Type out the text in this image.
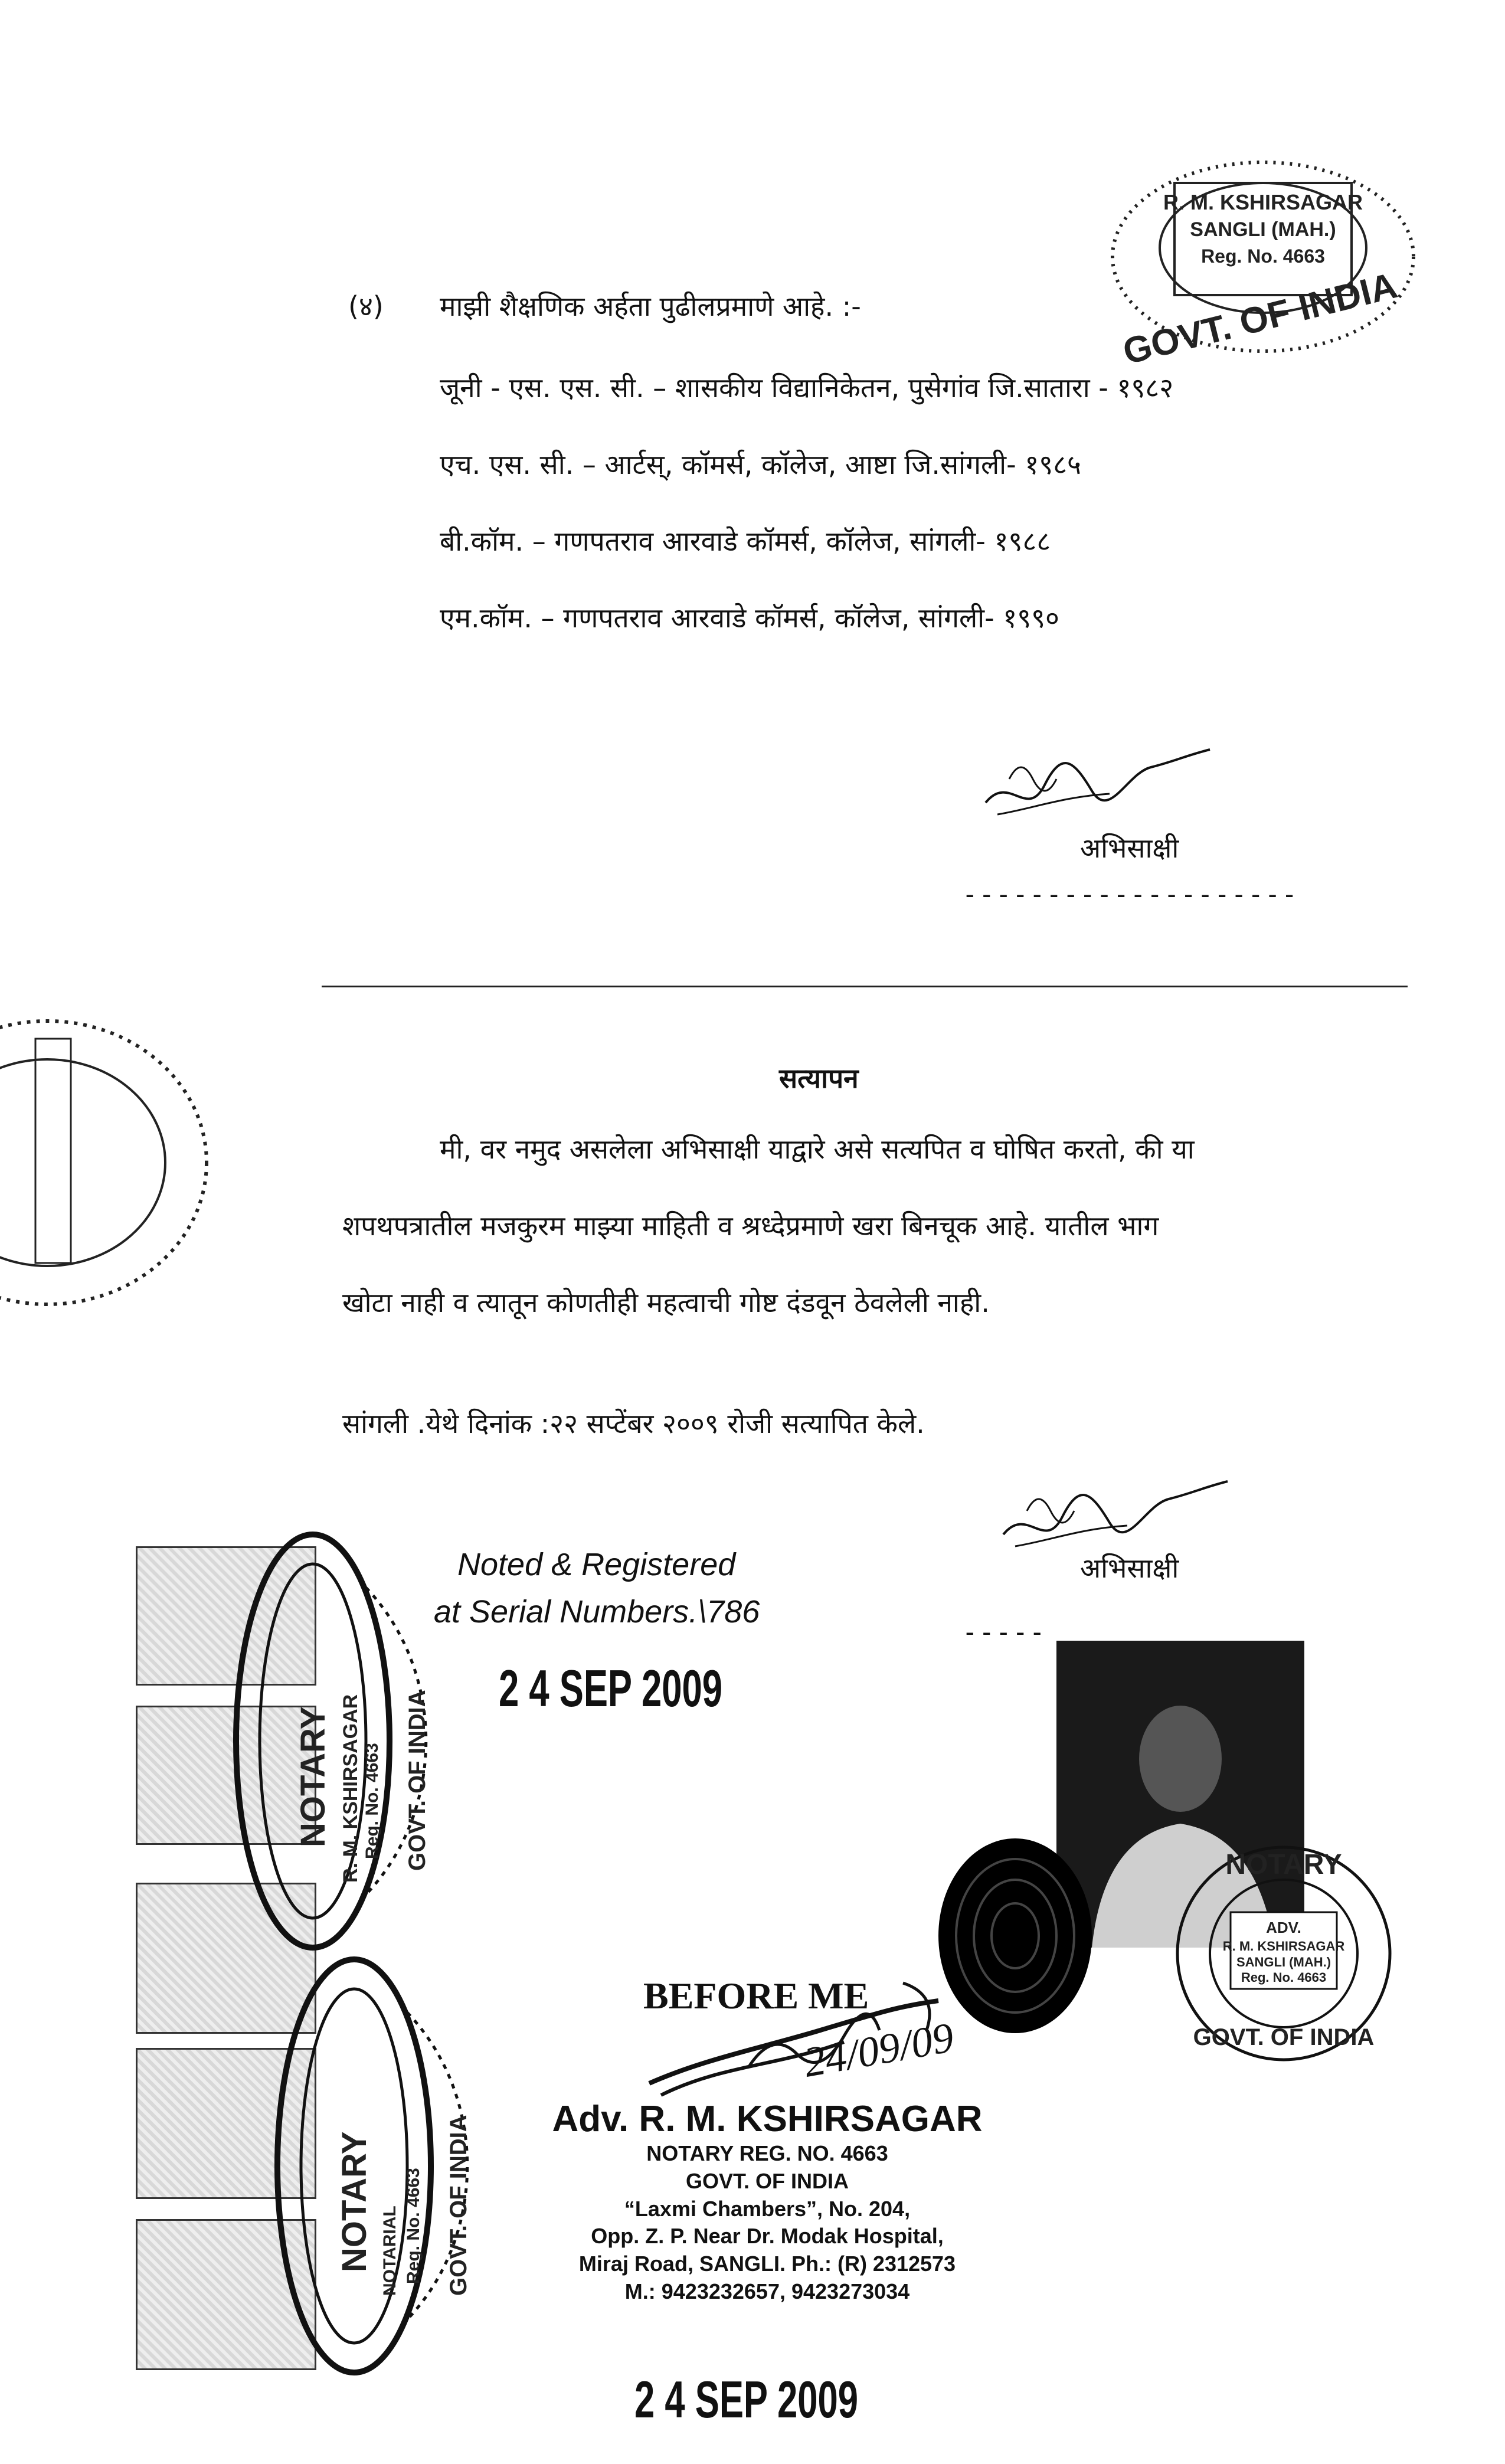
R. M. KSHIRSAGAR
SANGLI (MAH.)
Reg. No. 4663
GOVT. OF INDIA
(४) माझी शैक्षणिक अर्हता पुढीलप्रमाणे आहे. :-
जूनी - एस. एस. सी. – शासकीय विद्यानिकेतन, पुसेगांव जि.सातारा - १९८२
एच. एस. सी. – आर्टस्, कॉमर्स, कॉलेज, आष्टा जि.सांगली- १९८५
बी.कॉम. – गणपतराव आरवाडे कॉमर्स, कॉलेज, सांगली- १९८८
एम.कॉम. – गणपतराव आरवाडे कॉमर्स, कॉलेज, सांगली- १९९०
अभिसाक्षी
--------------------
सत्यापन
मी, वर नमुद असलेला अभिसाक्षी याद्वारे असे सत्यपित व घोषित करतो, की या
शपथपत्रातील मजकुरम माझ्या माहिती व श्रध्देप्रमाणे खरा बिनचूक आहे. यातील भाग
खोटा नाही व त्यातून कोणतीही महत्वाची गोष्ट दंडवून ठेवलेली नाही.
सांगली .येथे दिनांक :२२ सप्टेंबर २००९ रोजी सत्यापित केले.
अभिसाक्षी
-----
NOTARY R. M. KSHIRSAGAR Reg. No. 4663 GOVT. OF INDIA
NOTARY NOTARIAL Reg. No. 4663 GOVT. OF INDIA
Noted & Registered
at Serial Numbers.\786
2 4 SEP 2009
NOTARY
ADV.
R. M. KSHIRSAGAR
SANGLI (MAH.)
Reg. No. 4663
GOVT. OF INDIA
BEFORE ME
24/09/09
Adv. R. M. KSHIRSAGAR
NOTARY REG. NO. 4663
GOVT. OF INDIA
“Laxmi Chambers”, No. 204,
Opp. Z. P. Near Dr. Modak Hospital,
Miraj Road, SANGLI. Ph.: (R) 2312573
M.: 9423232657, 9423273034
2 4 SEP 2009
